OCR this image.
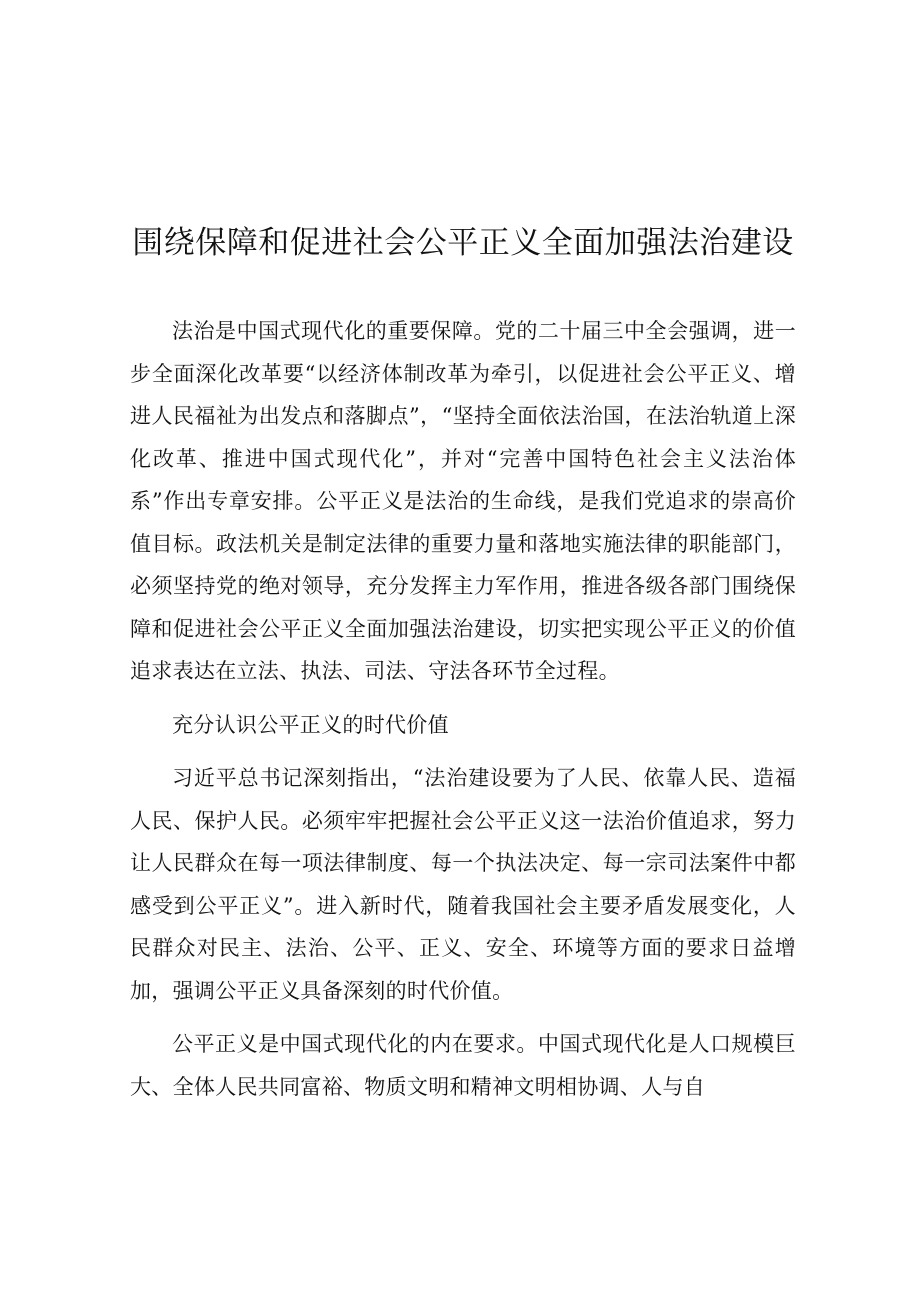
围绕保障和促进社会公平正义全面加强法治建设

法治是中国式现代化的重要保障。党的二十届三中全会强调，进一步全面深化改革要“以经济体制改革为牵引，以促进社会公平正义、增进人民福祉为出发点和落脚点”，“坚持全面依法治国，在法治轨道上深化改革、推进中国式现代化”，并对“完善中国特色社会主义法治体系”作出专章安排。公平正义是法治的生命线，是我们党追求的崇高价值目标。政法机关是制定法律的重要力量和落地实施法律的职能部门，必须坚持党的绝对领导，充分发挥主力军作用，推进各级各部门围绕保障和促进社会公平正义全面加强法治建设，切实把实现公平正义的价值追求表达在立法、执法、司法、守法各环节全过程。

充分认识公平正义的时代价值

习近平总书记深刻指出，“法治建设要为了人民、依靠人民、造福人民、保护人民。必须牢牢把握社会公平正义这一法治价值追求，努力让人民群众在每一项法律制度、每一个执法决定、每一宗司法案件中都感受到公平正义”。进入新时代，随着我国社会主要矛盾发展变化，人民群众对民主、法治、公平、正义、安全、环境等方面的要求日益增加，强调公平正义具备深刻的时代价值。

公平正义是中国式现代化的内在要求。中国式现代化是人口规模巨大、全体人民共同富裕、物质文明和精神文明相协调、人与自
